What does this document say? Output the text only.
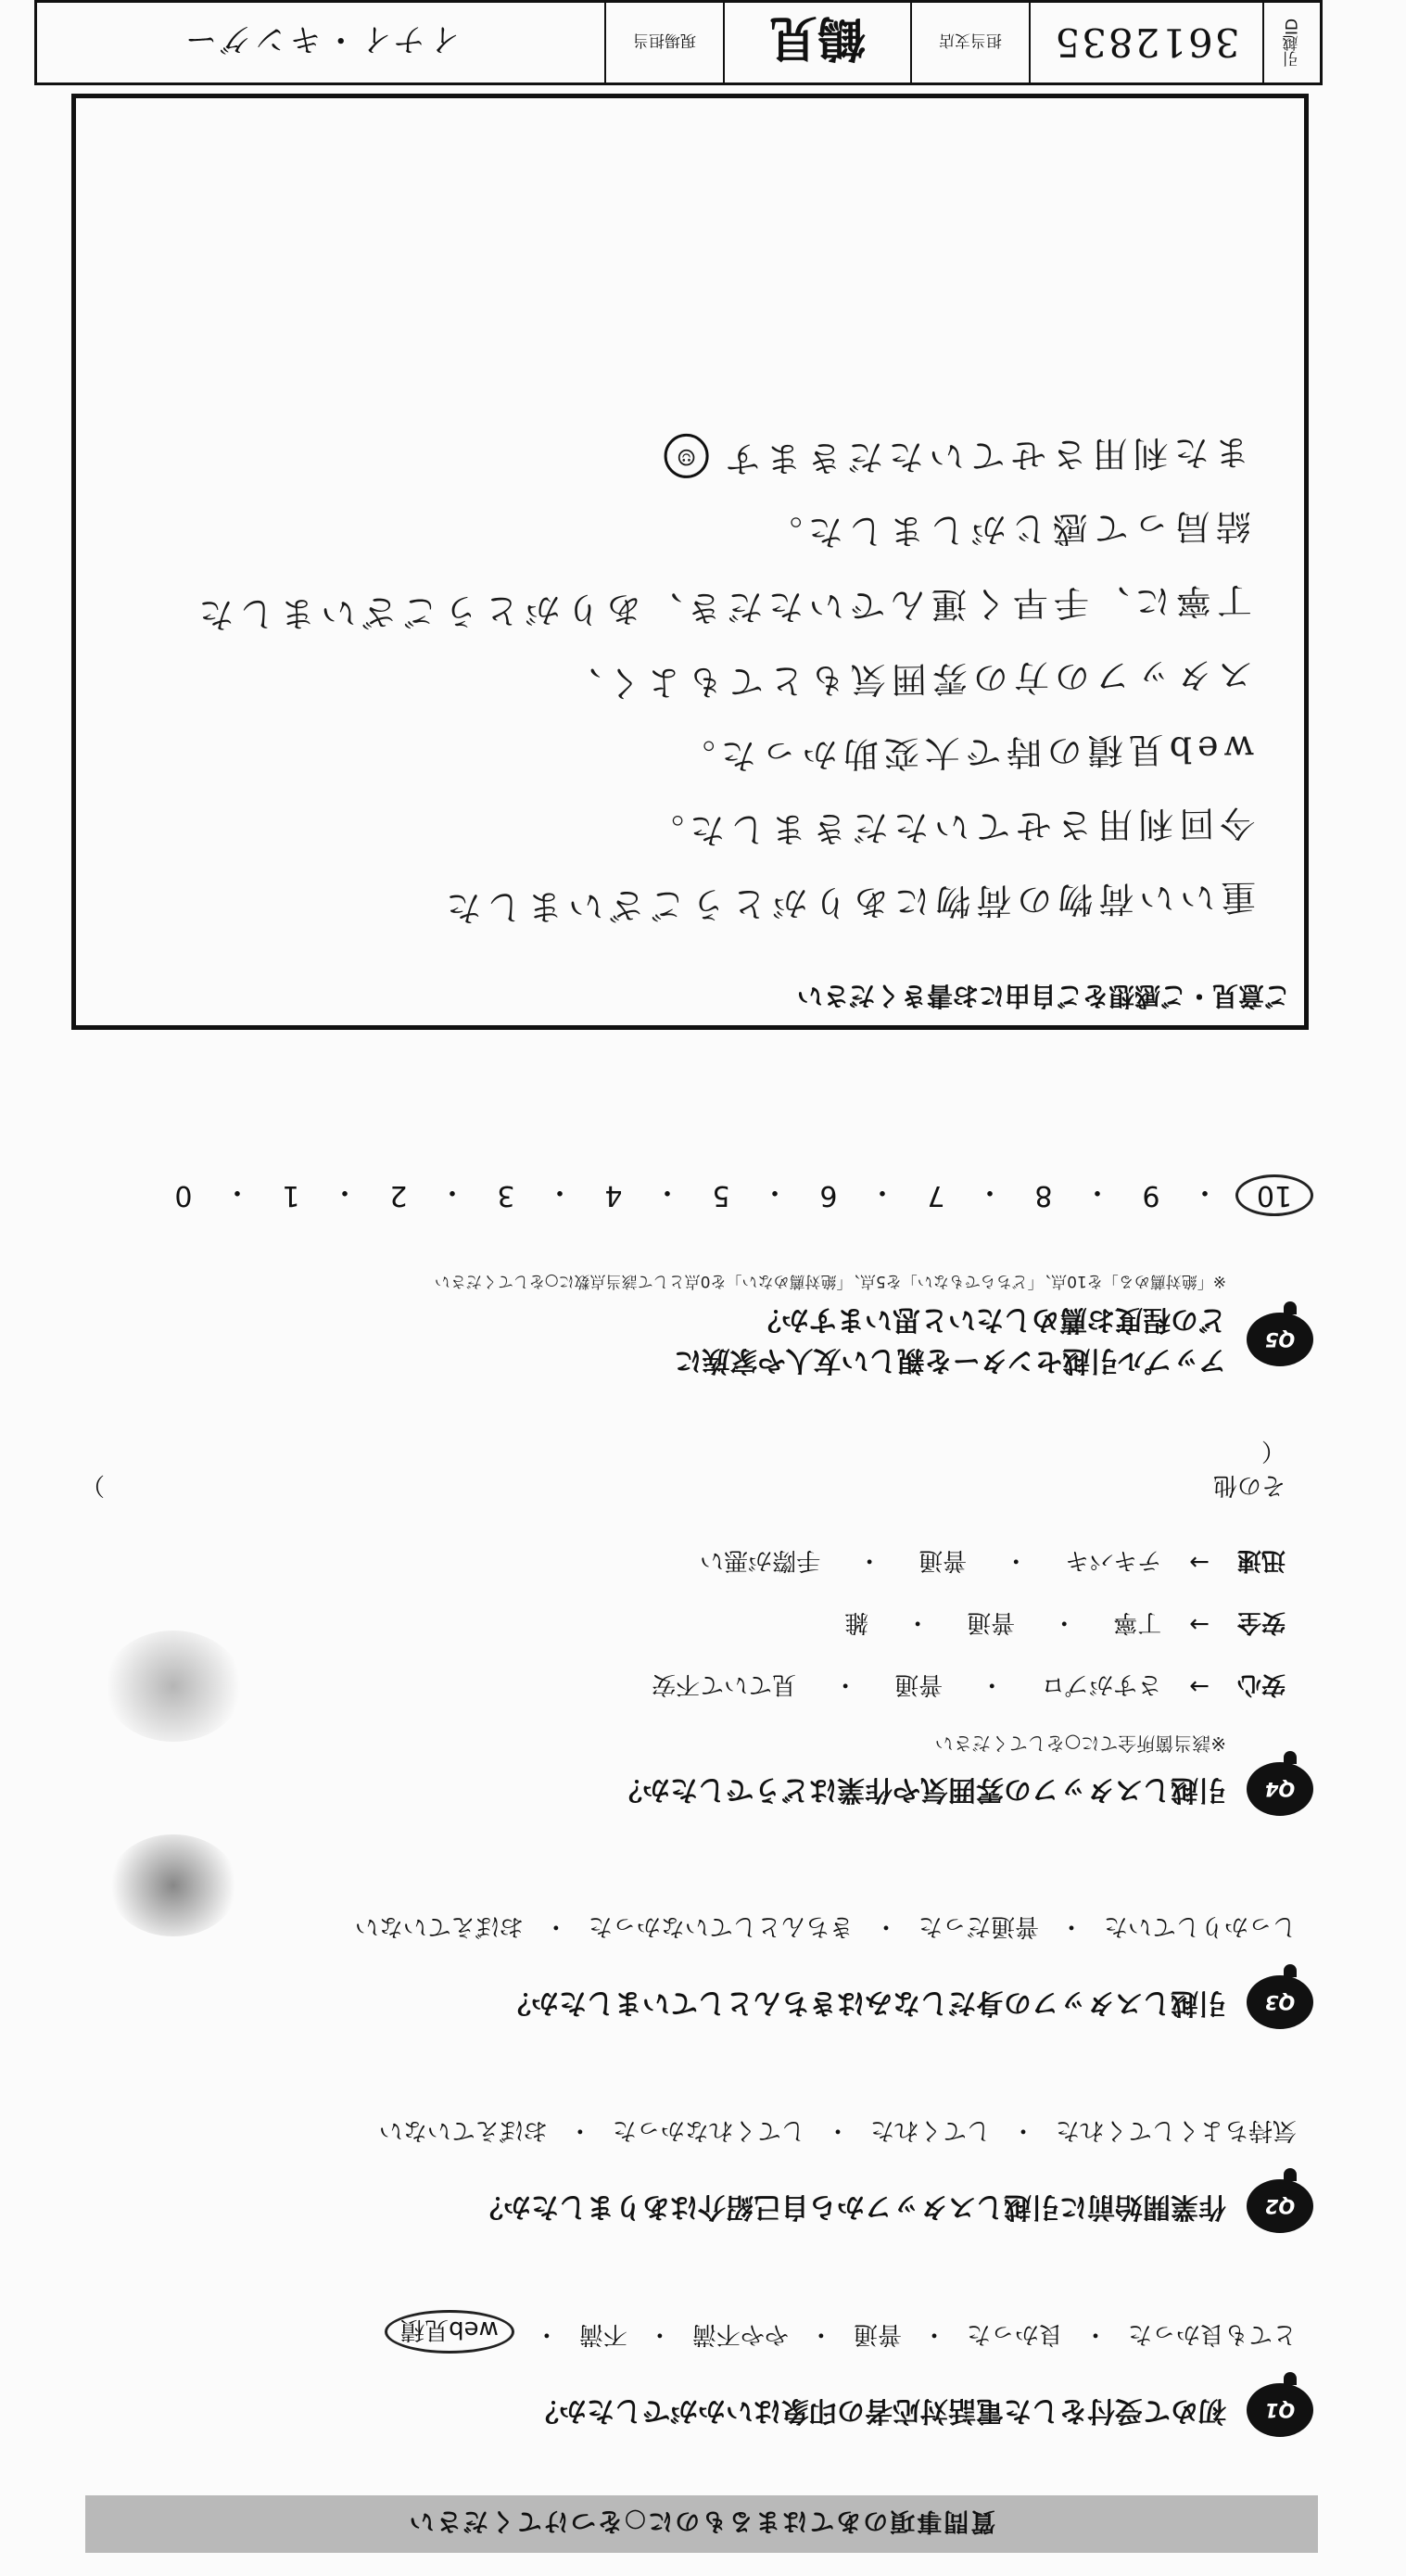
質問事項のあてはまるものに○をつけてください
Q1
初めて受付をした電話対応者の印象はいかがでしたか？
とても良かった
・
良かった
・
普通
・
やや不満
・
不満
・
web見積
Q2
作業開始前に引越しスタッフから自己紹介はありましたか？
気持ちよくしてくれた
・
してくれた
・
してくれなかった
・
おぼえていない
Q3
引越しスタッフの身だしなみはきちんとしていましたか？
しっかりしていた
・
普通だった
・
きちんとしていなかった
・
おぼえていない
Q4
引越しスタッフの雰囲気や作業はどうでしたか？
※該当箇所全てに○をしてください
安心
→
さすがプロ
・
普通
・
見ていて不安
安全
→
丁寧
・
普通
・
雑
迅速
→
テキパキ
・
普通
・
手際が悪い
その他（
）
Q5
アップル引越センターを親しい友人や家族に
どの程度お薦めしたいと思いますか？
※「絶対薦める」を10点、「どちらでもない」を5点、「絶対薦めない」を0点として該当点数に○をしてください
10
・
9
・
8
・
7
・
6
・
5
・
4
・
3
・
2
・
1
・
0
ご意見・ご感想をご自由にお書きください
重いい荷物の荷物にありがとうございました
今回利用させていただきました。
web見積の時で大変助かった。
スタッフの方の雰囲気もとてもよく、
丁寧に、手早く運んでいただき、ありがとうございました
結局って感じがしました。
また利用させていただきます☺
引越ID
3612835
担当支店
鶴見
現場担当
イナイ・キングー
